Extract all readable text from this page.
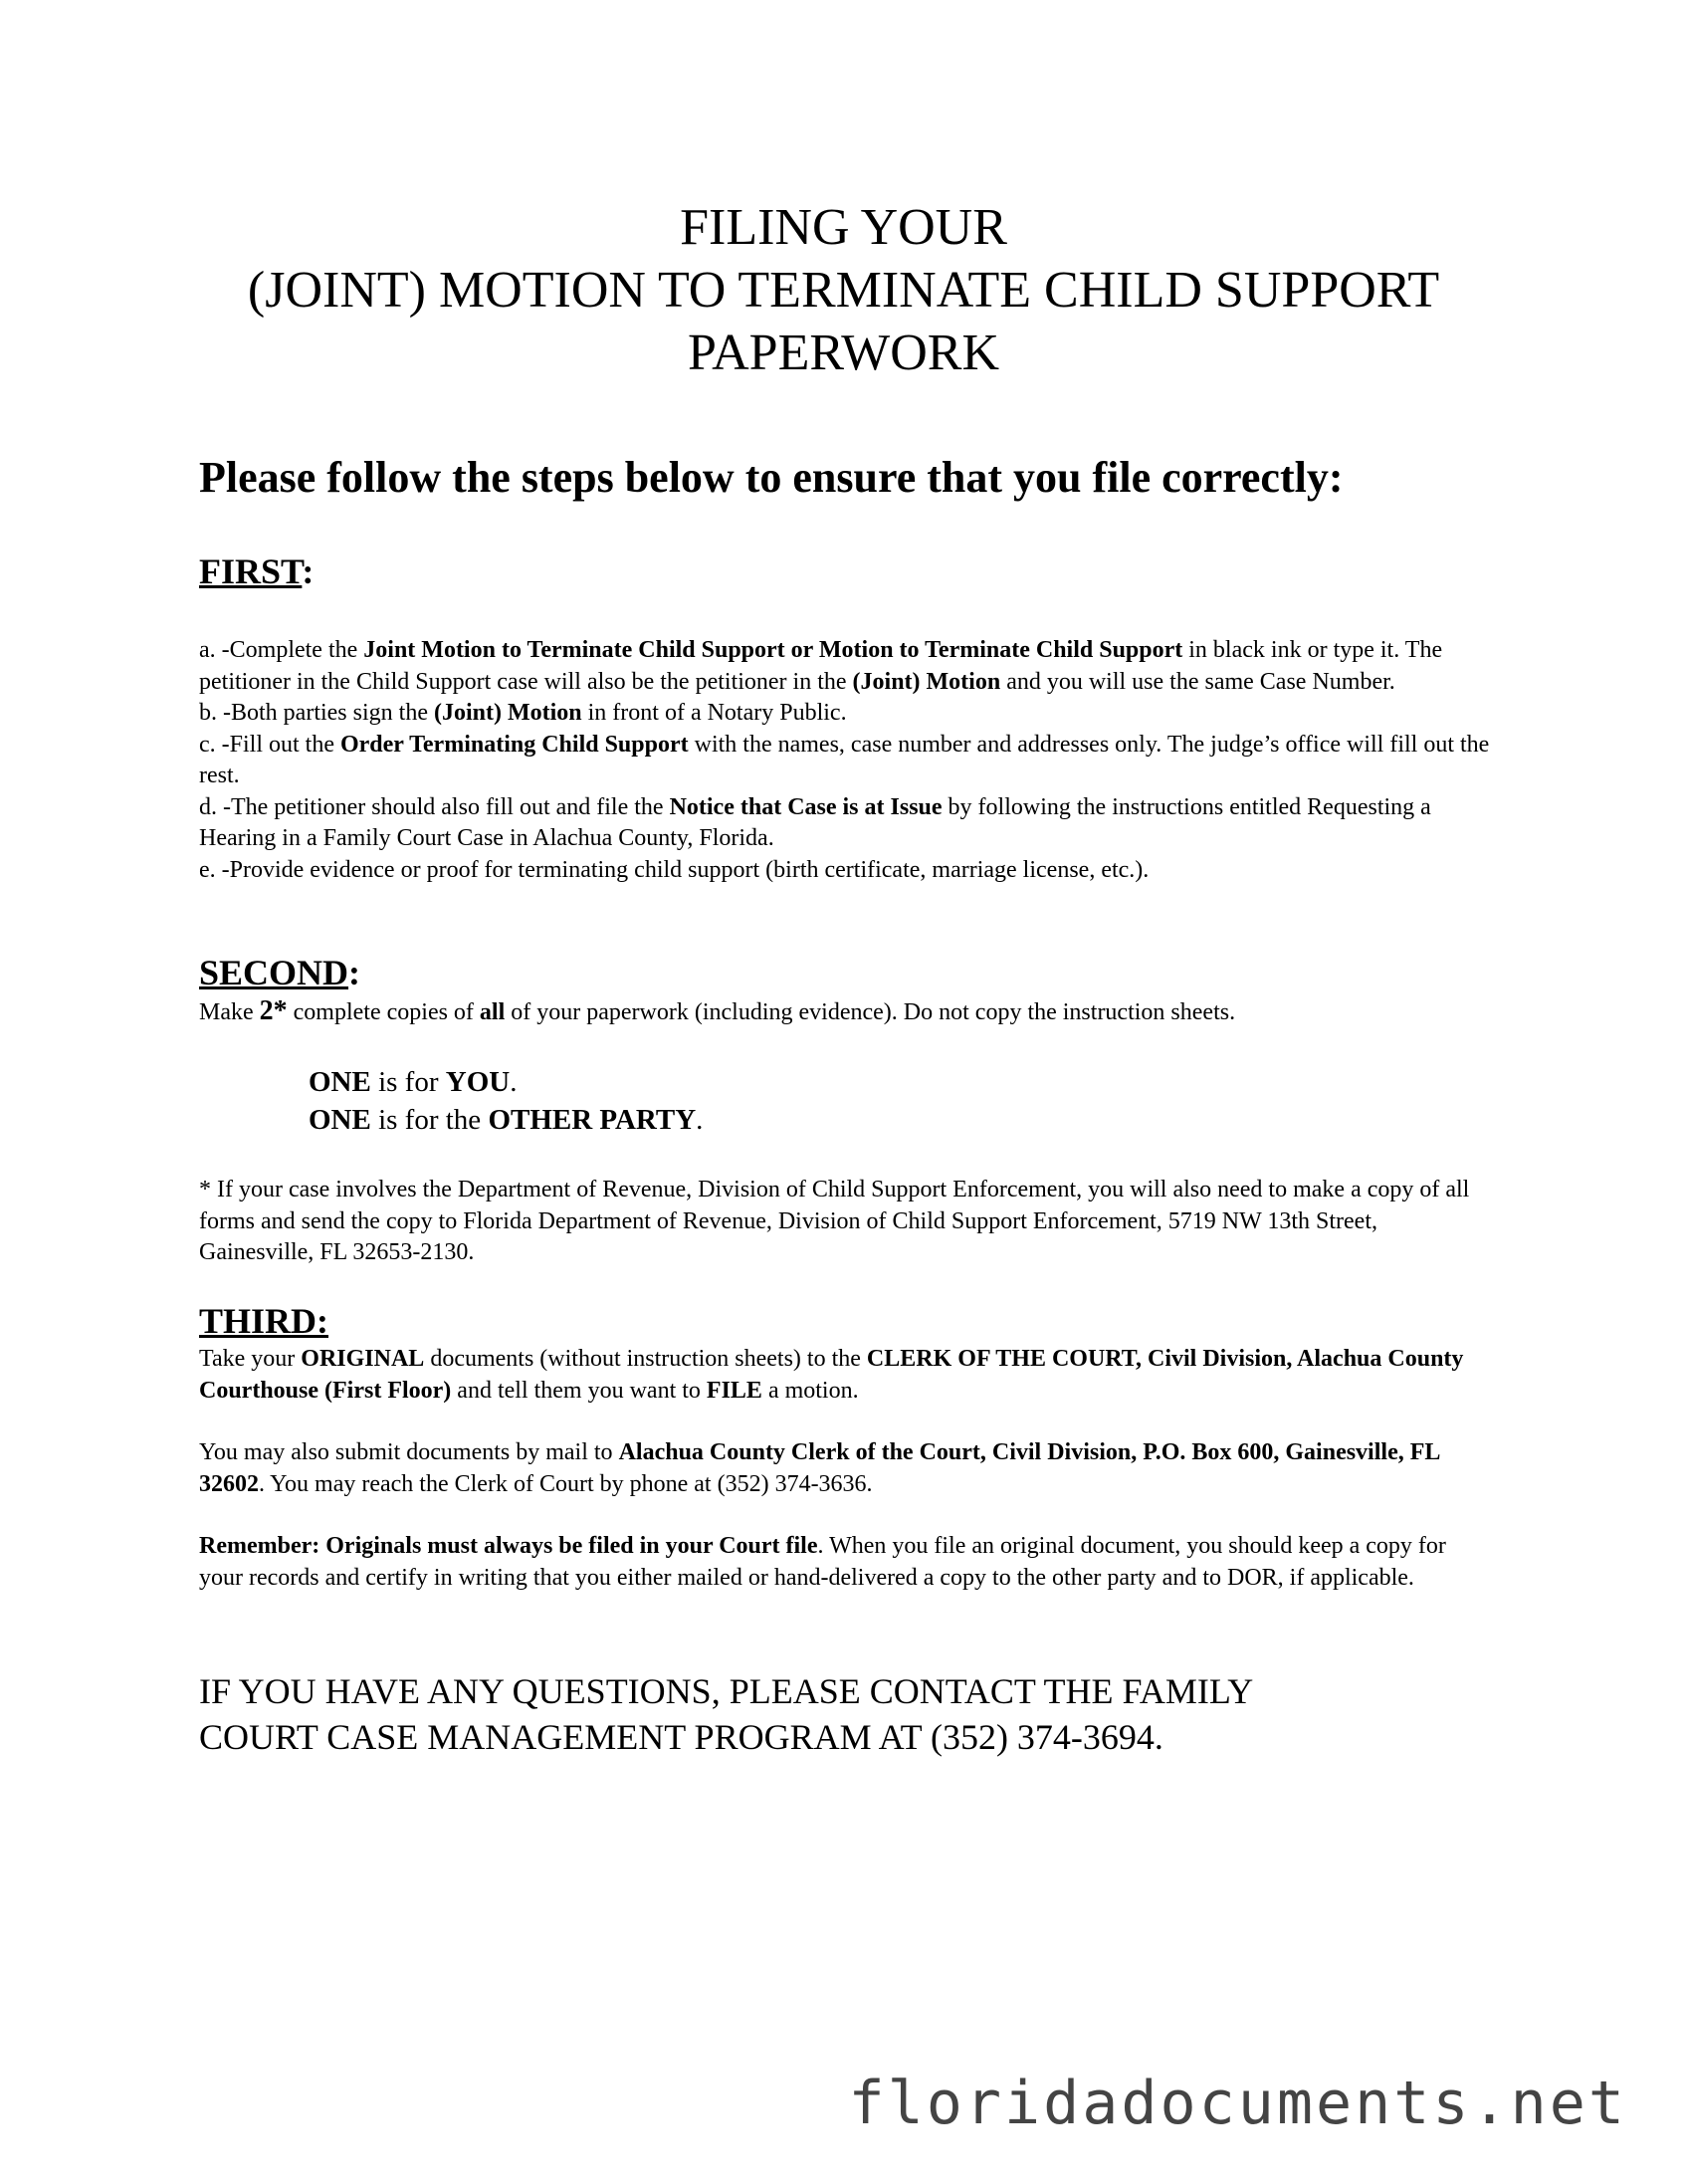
FILING YOUR
(JOINT) MOTION TO TERMINATE CHILD SUPPORT
PAPERWORK
Please follow the steps below to ensure that you file correctly:
FIRST:

a. -Complete the Joint Motion to Terminate Child Support or Motion to Terminate Child Support in black ink or type it. The petitioner in the Child Support case will also be the petitioner in the (Joint) Motion and you will use the same Case Number.

b. -Both parties sign the (Joint) Motion in front of a Notary Public.

c. -Fill out the Order Terminating Child Support with the names, case number and addresses only. The judge’s office will fill out the rest.

d. -The petitioner should also fill out and file the Notice that Case is at Issue by following the instructions entitled Requesting a Hearing in a Family Court Case in Alachua County, Florida.

e. -Provide evidence or proof for terminating child support (birth certificate, marriage license, etc.).

SECOND:

Make 2* complete copies of all of your paperwork (including evidence). Do not copy the instruction sheets.

ONE is for YOU.

ONE is for the OTHER PARTY.

* If your case involves the Department of Revenue, Division of Child Support Enforcement, you will also need to make a copy of all forms and send the copy to Florida Department of Revenue, Division of Child Support Enforcement, 5719 NW 13th Street, Gainesville, FL 32653-2130.

THIRD:

Take your ORIGINAL documents (without instruction sheets) to the CLERK OF THE COURT, Civil Division, Alachua County Courthouse (First Floor) and tell them you want to FILE a motion.

You may also submit documents by mail to Alachua County Clerk of the Court, Civil Division, P.O. Box 600, Gainesville, FL 32602. You may reach the Clerk of Court by phone at (352) 374-3636.

Remember: Originals must always be filed in your Court file. When you file an original document, you should keep a copy for your records and certify in writing that you either mailed or hand-delivered a copy to the other party and to DOR, if applicable.

IF YOU HAVE ANY QUESTIONS, PLEASE CONTACT THE FAMILY

COURT CASE MANAGEMENT PROGRAM AT (352) 374-3694.

floridadocuments.net
